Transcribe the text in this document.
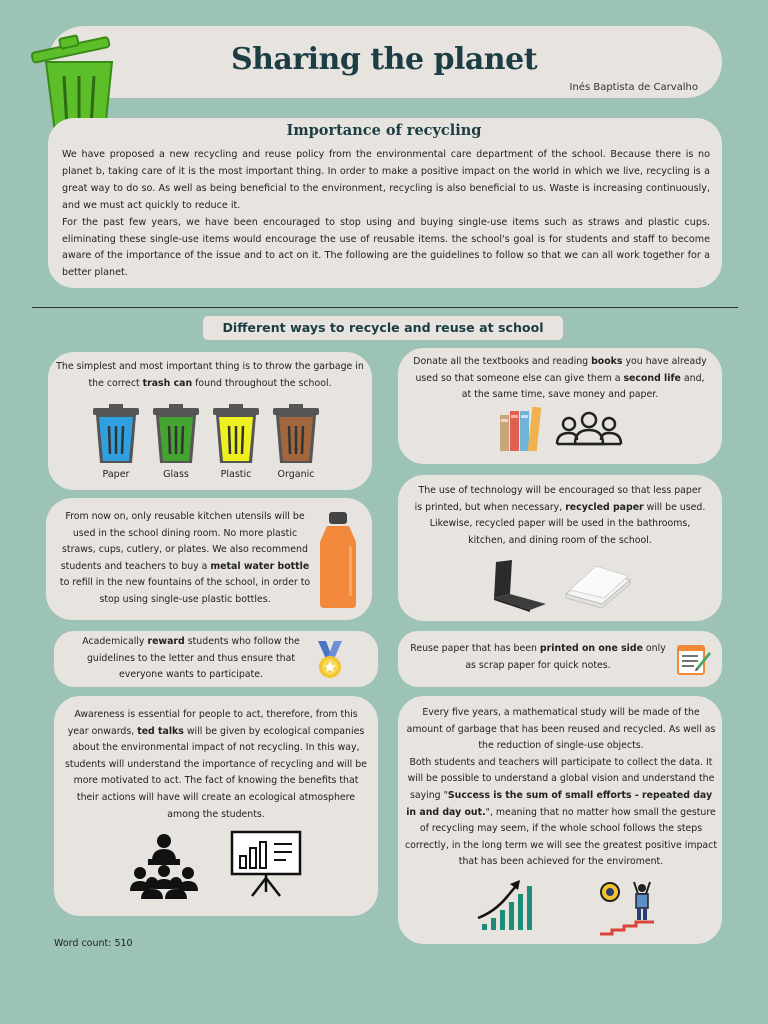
Sharing the planet
Inés Baptista de Carvalho
Importance of recycling

We have proposed a new recycling and reuse policy from the environmental care department of the school. Because there is no planet b, taking care of it is the most important thing. In order to make a positive impact on the world in which we live, recycling is a great way to do so. As well as being beneficial to the environment, recycling is also beneficial to us. Waste is increasing continuously, and we must act quickly to reduce it.

For the past few years, we have been encouraged to stop using and buying single-use items such as straws and plastic cups. eliminating these single-use items would encourage the use of reusable items. the school's goal is for students and staff to become aware of the importance of the issue and to act on it. The following are the guidelines to follow so that we can all work together for a better planet.

Different ways to recycle and reuse at school
The simplest and most important thing is to throw the garbage in the correct trash can found throughout the school.
Paper	Glass	Plastic	Organic
Donate all the textbooks and reading books you have already used so that someone else can give them a second life and, at the same time, save money and paper.
From now on, only reusable kitchen utensils will be used in the school dining room. No more plastic straws, cups, cutlery, or plates. We also recommend students and teachers to buy a metal water bottle to refill in the new fountains of the school, in order to stop using single-use plastic bottles.
The use of technology will be encouraged so that less paper is printed, but when necessary, recycled paper will be used. Likewise, recycled paper will be used in the bathrooms, kitchen, and dining room of the school.
Academically reward students who follow the guidelines to the letter and thus ensure that everyone wants to participate.
Reuse paper that has been printed on one side only as scrap paper for quick notes.
Awareness is essential for people to act, therefore, from this year onwards, ted talks will be given by ecological companies about the environmental impact of not recycling. In this way, students will understand the importance of recycling and will be more motivated to act. The fact of knowing the benefits that their actions will have will create an ecological atmosphere among the students.
Every five years, a mathematical study will be made of the amount of garbage that has been reused and recycled. As well as the reduction of single-use objects.
Both students and teachers will participate to collect the data. It will be possible to understand a global vision and understand the saying "Success is the sum of small efforts - repeated day in and day out.", meaning that no matter how small the gesture of recycling may seem, if the whole school follows the steps correctly, in the long term we will see the greatest positive impact that has been achieved for the enviroment.
Word count: 510
